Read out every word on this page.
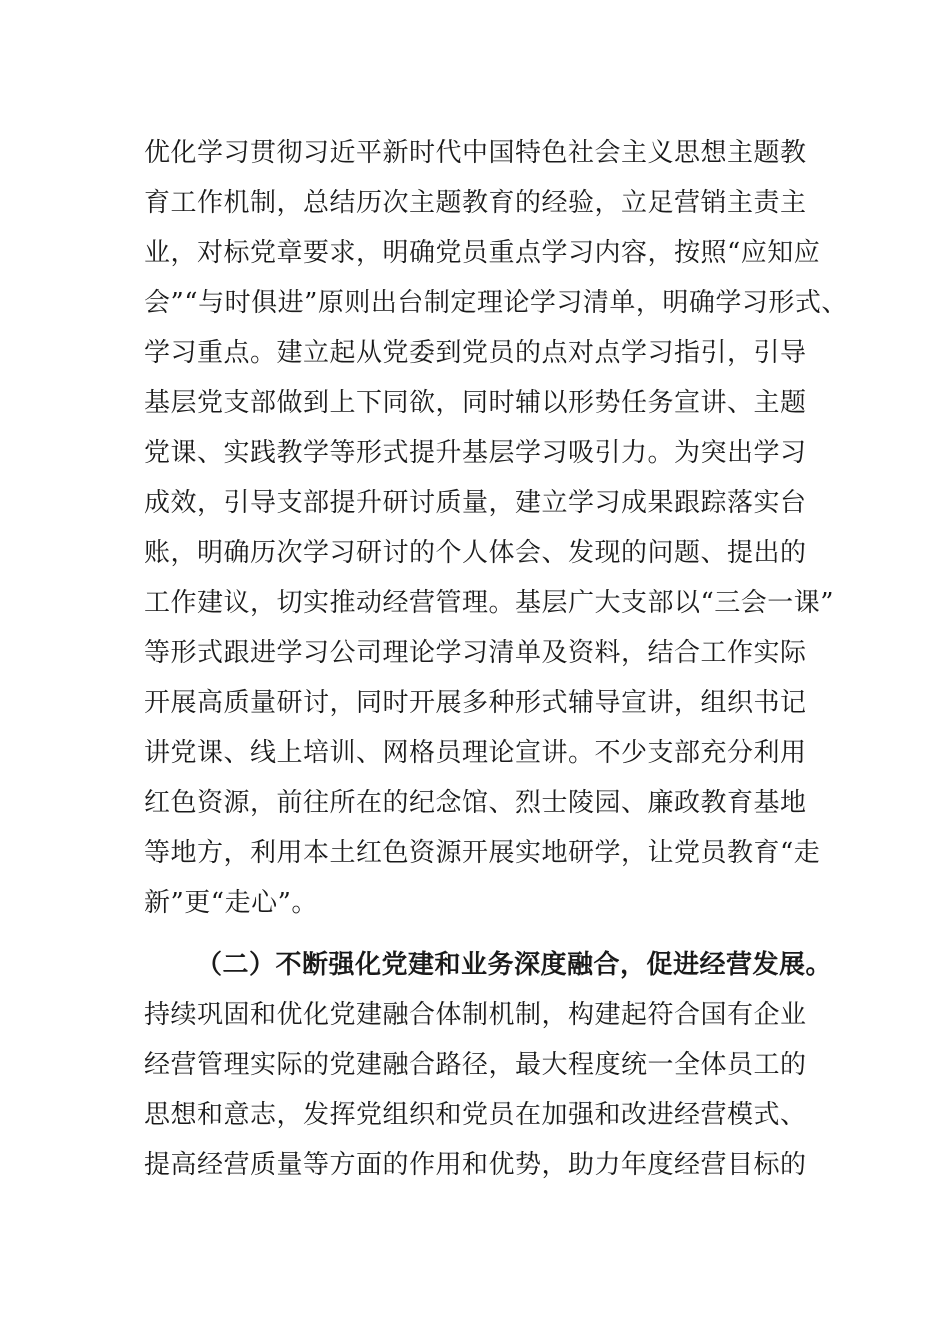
优化学习贯彻习近平新时代中国特色社会主义思想主题教
育工作机制，总结历次主题教育的经验，立足营销主责主
业，对标党章要求，明确党员重点学习内容，按照“应知应
会”“与时俱进”原则出台制定理论学习清单，明确学习形式、
学习重点。建立起从党委到党员的点对点学习指引，引导
基层党支部做到上下同欲，同时辅以形势任务宣讲、主题
党课、实践教学等形式提升基层学习吸引力。为突出学习
成效，引导支部提升研讨质量，建立学习成果跟踪落实台
账，明确历次学习研讨的个人体会、发现的问题、提出的
工作建议，切实推动经营管理。基层广大支部以“三会一课”
等形式跟进学习公司理论学习清单及资料，结合工作实际
开展高质量研讨，同时开展多种形式辅导宣讲，组织书记
讲党课、线上培训、网格员理论宣讲。不少支部充分利用
红色资源，前往所在的纪念馆、烈士陵园、廉政教育基地
等地方，利用本土红色资源开展实地研学，让党员教育“走
新”更“走心”。
（二）不断强化党建和业务深度融合，促进经营发展。
持续巩固和优化党建融合体制机制，构建起符合国有企业
经营管理实际的党建融合路径，最大程度统一全体员工的
思想和意志，发挥党组织和党员在加强和改进经营模式、
提高经营质量等方面的作用和优势，助力年度经营目标的
